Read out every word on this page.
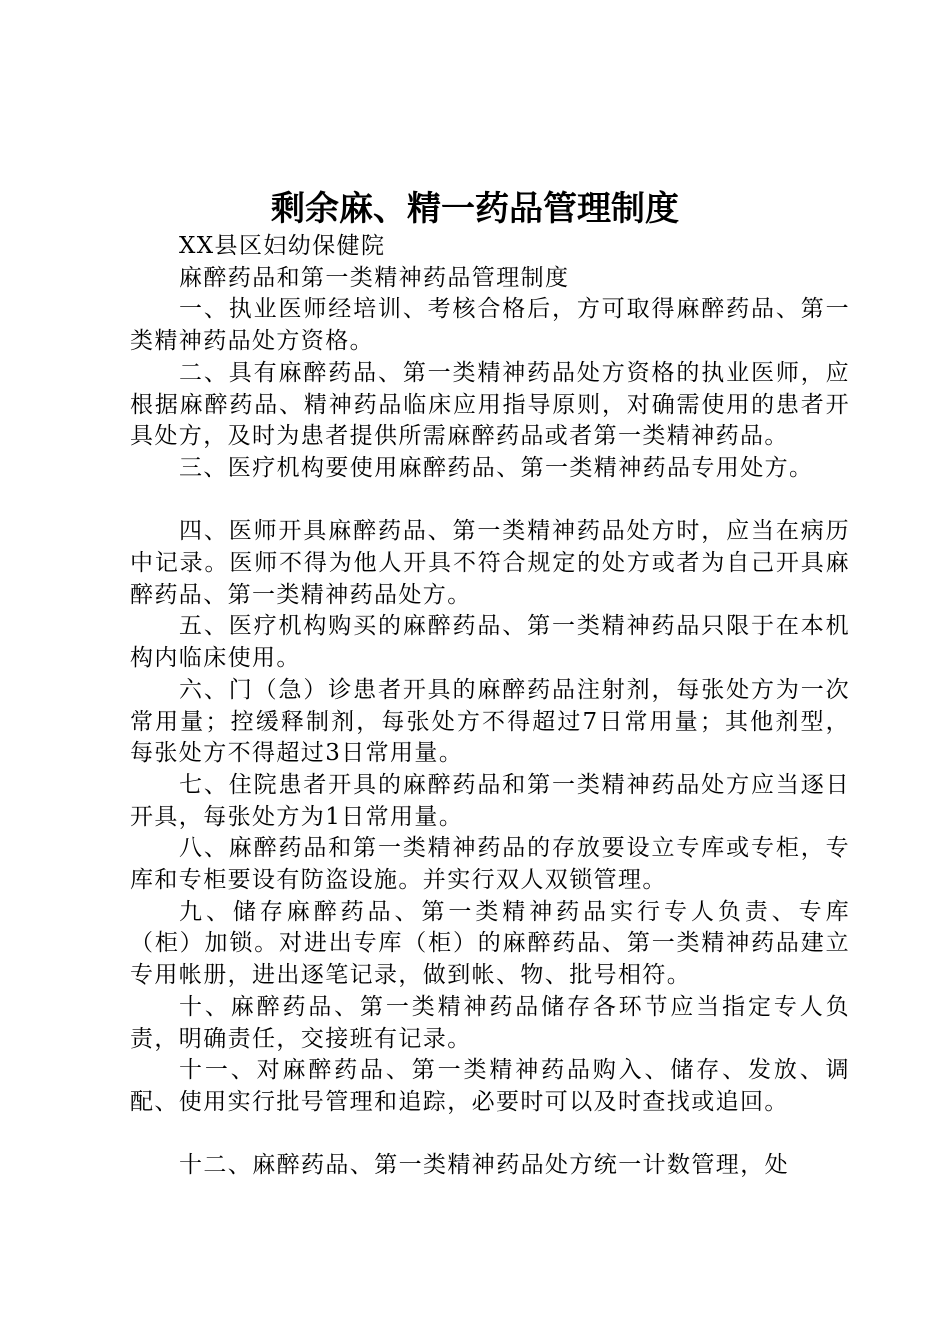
剩余麻、精一药品管理制度

XX县区妇幼保健院

麻醉药品和第一类精神药品管理制度

一、执业医师经培训、考核合格后，方可取得麻醉药品、第一类精神药品处方资格。

二、具有麻醉药品、第一类精神药品处方资格的执业医师，应根据麻醉药品、精神药品临床应用指导原则，对确需使用的患者开具处方，及时为患者提供所需麻醉药品或者第一类精神药品。

三、医疗机构要使用麻醉药品、第一类精神药品专用处方。

四、医师开具麻醉药品、第一类精神药品处方时，应当在病历中记录。医师不得为他人开具不符合规定的处方或者为自己开具麻醉药品、第一类精神药品处方。

五、医疗机构购买的麻醉药品、第一类精神药品只限于在本机构内临床使用。

六、门（急）诊患者开具的麻醉药品注射剂，每张处方为一次常用量；控缓释制剂，每张处方不得超过7日常用量；其他剂型，每张处方不得超过3日常用量。

七、住院患者开具的麻醉药品和第一类精神药品处方应当逐日开具，每张处方为1日常用量。

八、麻醉药品和第一类精神药品的存放要设立专库或专柜，专库和专柜要设有防盗设施。并实行双人双锁管理。

九、储存麻醉药品、第一类精神药品实行专人负责、专库（柜）加锁。对进出专库（柜）的麻醉药品、第一类精神药品建立专用帐册，进出逐笔记录，做到帐、物、批号相符。

十、麻醉药品、第一类精神药品储存各环节应当指定专人负责，明确责任，交接班有记录。

十一、对麻醉药品、第一类精神药品购入、储存、发放、调配、使用实行批号管理和追踪，必要时可以及时查找或追回。

十二、麻醉药品、第一类精神药品处方统一计数管理，处
